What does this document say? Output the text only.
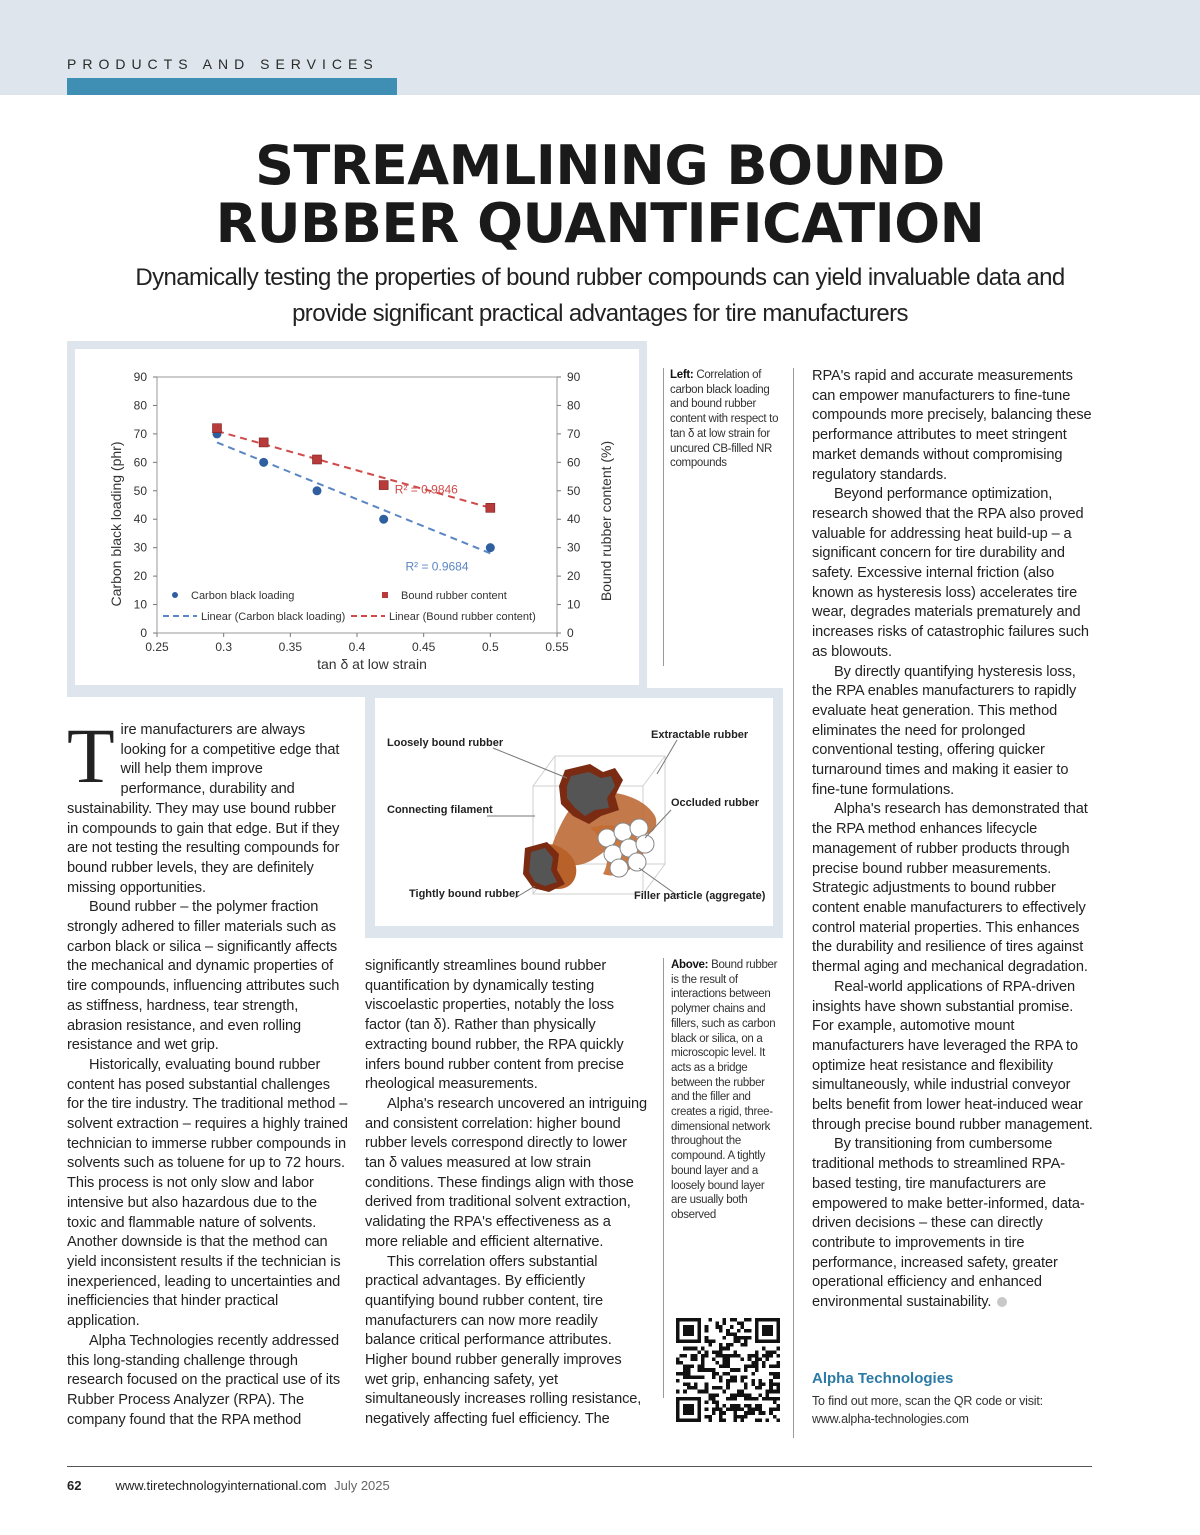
PRODUCTS AND SERVICES
STREAMLINING BOUND
RUBBER QUANTIFICATION
Dynamically testing the properties of bound rubber compounds can yield invaluable data and provide significant practical advantages for tire manufacturers
0.25	0.3	0.35	0.4	0.45	0.5	0.55
0	0
10	10
20	20
30	30
40	40
50	50
60	60
70	70
80	80
90	90
R² = 0.9684
R² = 0.9846
Carbon black loading	Bound rubber content
Linear (Carbon black loading)	Linear (Bound rubber content)
tan δ at low strain
Carbon black loading (phr)	Bound rubber content (%)
Left: Correlation of carbon black loading and bound rubber content with respect to tan δ at low strain for uncured CB-filled NR compounds
Loosely bound rubber
Extractable rubber
Connecting filament
Occluded rubber
Tightly bound rubber	Filler particle (aggregate)

Tire manufacturers are always looking for a competitive edge that will help them improve performance, durability and sustainability. They may use bound rubber in compounds to gain that edge. But if they are not testing the resulting compounds for bound rubber levels, they are definitely missing opportunities.

Bound rubber – the polymer fraction strongly adhered to filler materials such as carbon black or silica – significantly affects the mechanical and dynamic properties of tire compounds, influencing attributes such as stiffness, hardness, tear strength, abrasion resistance, and even rolling resistance and wet grip.

Historically, evaluating bound rubber content has posed substantial challenges for the tire industry. The traditional method – solvent extraction – requires a highly trained technician to immerse rubber compounds in solvents such as toluene for up to 72 hours. This process is not only slow and labor intensive but also hazardous due to the toxic and flammable nature of solvents. Another downside is that the method can yield inconsistent results if the technician is inexperienced, leading to uncertainties and inefficiencies that hinder practical application.

Alpha Technologies recently addressed this long-standing challenge through research focused on the practical use of its Rubber Process Analyzer (RPA). The company found that the RPA method

significantly streamlines bound rubber quantification by dynamically testing viscoelastic properties, notably the loss factor (tan δ). Rather than physically extracting bound rubber, the RPA quickly infers bound rubber content from precise rheological measurements.

Alpha's research uncovered an intriguing and consistent correlation: higher bound rubber levels correspond directly to lower tan δ values measured at low strain conditions. These findings align with those derived from traditional solvent extraction, validating the RPA's effectiveness as a more reliable and efficient alternative.

This correlation offers substantial practical advantages. By efficiently quantifying bound rubber content, tire manufacturers can now more readily balance critical performance attributes. Higher bound rubber generally improves wet grip, enhancing safety, yet simultaneously increases rolling resistance, negatively affecting fuel efficiency. The

Above: Bound rubber is the result of interactions between polymer chains and fillers, such as carbon black or silica, on a microscopic level. It acts as a bridge between the rubber and the filler and creates a rigid, three-dimensional network throughout the compound. A tightly bound layer and a loosely bound layer are usually both observed

RPA's rapid and accurate measurements can empower manufacturers to fine-tune compounds more precisely, balancing these performance attributes to meet stringent market demands without compromising regulatory standards.

Beyond performance optimization, research showed that the RPA also proved valuable for addressing heat build-up – a significant concern for tire durability and safety. Excessive internal friction (also known as hysteresis loss) accelerates tire wear, degrades materials prematurely and increases risks of catastrophic failures such as blowouts.

By directly quantifying hysteresis loss, the RPA enables manufacturers to rapidly evaluate heat generation. This method eliminates the need for prolonged conventional testing, offering quicker turnaround times and making it easier to fine-tune formulations.

Alpha's research has demonstrated that the RPA method enhances lifecycle management of rubber products through precise bound rubber measurements. Strategic adjustments to bound rubber content enable manufacturers to effectively control material properties. This enhances the durability and resilience of tires against thermal aging and mechanical degradation.

Real-world applications of RPA-driven insights have shown substantial promise. For example, automotive mount manufacturers have leveraged the RPA to optimize heat resistance and flexibility simultaneously, while industrial conveyor belts benefit from lower heat-induced wear through precise bound rubber management.

By transitioning from cumbersome traditional methods to streamlined RPA-based testing, tire manufacturers are empowered to make better-informed, data-driven decisions – these can directly contribute to improvements in tire performance, increased safety, greater operational efficiency and enhanced environmental sustainability.

Alpha Technologies
To find out more, scan the QR code or visit:
www.alpha-technologies.com
62	www.tiretechnologyinternational.com July 2025
